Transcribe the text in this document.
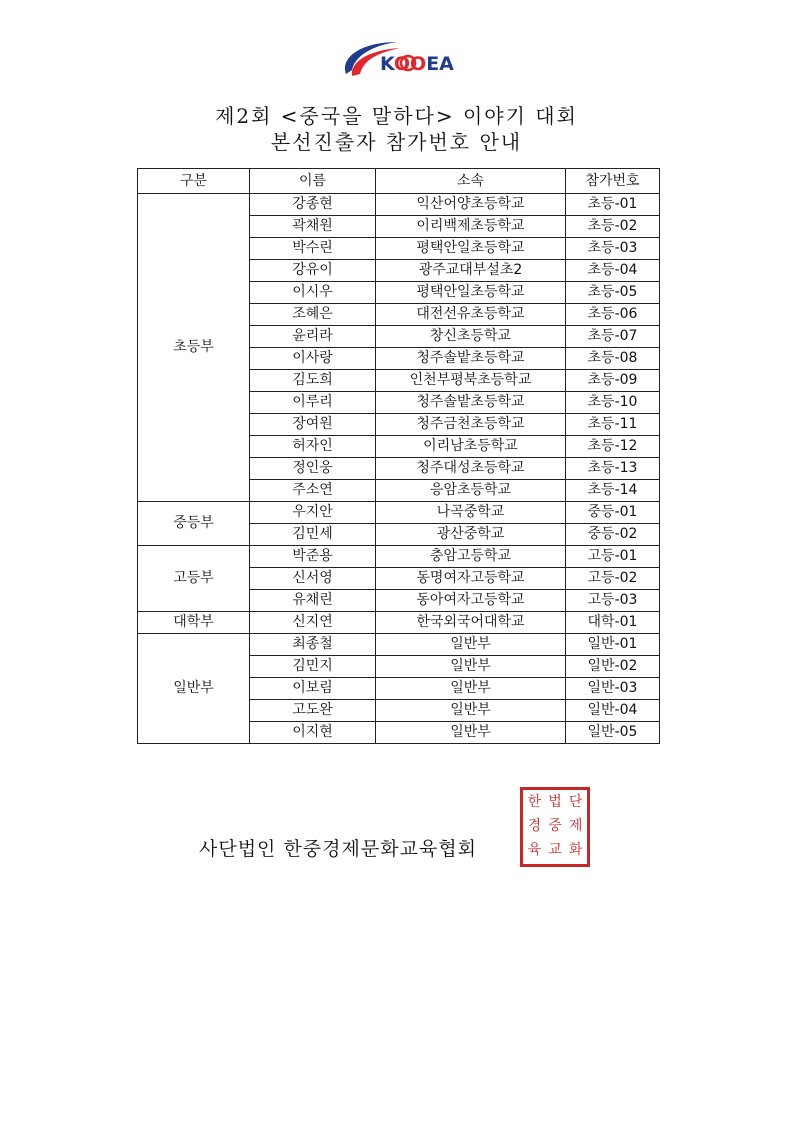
KOOEA
제2회 <중국을 말하다> 이야기 대회
본선진출자 참가번호 안내
구분	이름	소속	참가번호
초등부	강종현	익산어양초등학교	초등-01
	곽채원	이리백제초등학교	초등-02
	박수린	평택안일초등학교	초등-03
	강유이	광주교대부설초2	초등-04
	이시우	평택안일초등학교	초등-05
	조혜은	대전선유초등학교	초등-06
	윤리라	창신초등학교	초등-07
	이사랑	청주솔밭초등학교	초등-08
	김도희	인천부평북초등학교	초등-09
	이루리	청주솔밭초등학교	초등-10
	장여원	청주금천초등학교	초등-11
	허자인	이리남초등학교	초등-12
	정인웅	청주대성초등학교	초등-13
	주소연	응암초등학교	초등-14
중등부	우지안	나곡중학교	중등-01
	김민세	광산중학교	중등-02
고등부	박준용	충암고등학교	고등-01
	신서영	동명여자고등학교	고등-02
	유채린	동아여자고등학교	고등-03
대학부	신지연	한국외국어대학교	대학-01
일반부	최종철	일반부	일반-01
	김민지	일반부	일반-02
	이보림	일반부	일반-03
	고도완	일반부	일반-04
	이지현	일반부	일반-05
사단법인 한중경제문화교육협회
한 법 단
경 중 제
육 교 화
